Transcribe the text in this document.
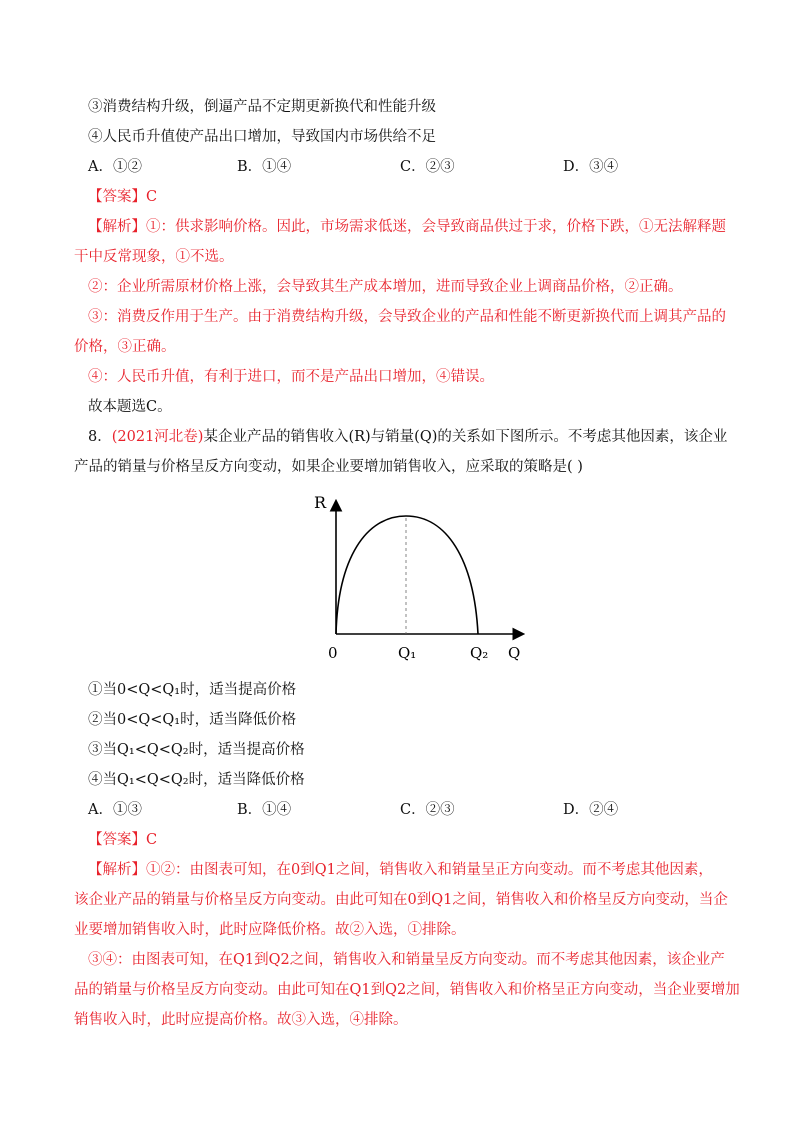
③消费结构升级，倒逼产品不定期更新换代和性能升级
④人民币升值使产品出口增加，导致国内市场供给不足
A．①②	B．①④	C．②③	D．③④
【答案】C
【解析】①：供求影响价格。因此，市场需求低迷，会导致商品供过于求，价格下跌，①无法解释题
干中反常现象，①不选。
②：企业所需原材价格上涨，会导致其生产成本增加，进而导致企业上调商品价格，②正确。
③：消费反作用于生产。由于消费结构升级，会导致企业的产品和性能不断更新换代而上调其产品的
价格，③正确。
④：人民币升值，有利于进口，而不是产品出口增加，④错误。
故本题选C。
8．(2021河北卷)某企业产品的销售收入(R)与销量(Q)的关系如下图所示。不考虑其他因素，该企业
产品的销量与价格呈反方向变动，如果企业要增加销售收入，应采取的策略是( )
R
0	Q₁	Q₂ Q
①当0<Q<Q₁时，适当提高价格
②当0<Q<Q₁时，适当降低价格
③当Q₁<Q<Q₂时，适当提高价格
④当Q₁<Q<Q₂时，适当降低价格
A．①③	B．①④	C．②③	D．②④
【答案】C
【解析】①②：由图表可知，在0到Q1之间，销售收入和销量呈正方向变动。而不考虑其他因素，
该企业产品的销量与价格呈反方向变动。由此可知在0到Q1之间，销售收入和价格呈反方向变动，当企
业要增加销售收入时，此时应降低价格。故②入选，①排除。
③④：由图表可知，在Q1到Q2之间，销售收入和销量呈反方向变动。而不考虑其他因素，该企业产
品的销量与价格呈反方向变动。由此可知在Q1到Q2之间，销售收入和价格呈正方向变动，当企业要增加
销售收入时，此时应提高价格。故③入选，④排除。
